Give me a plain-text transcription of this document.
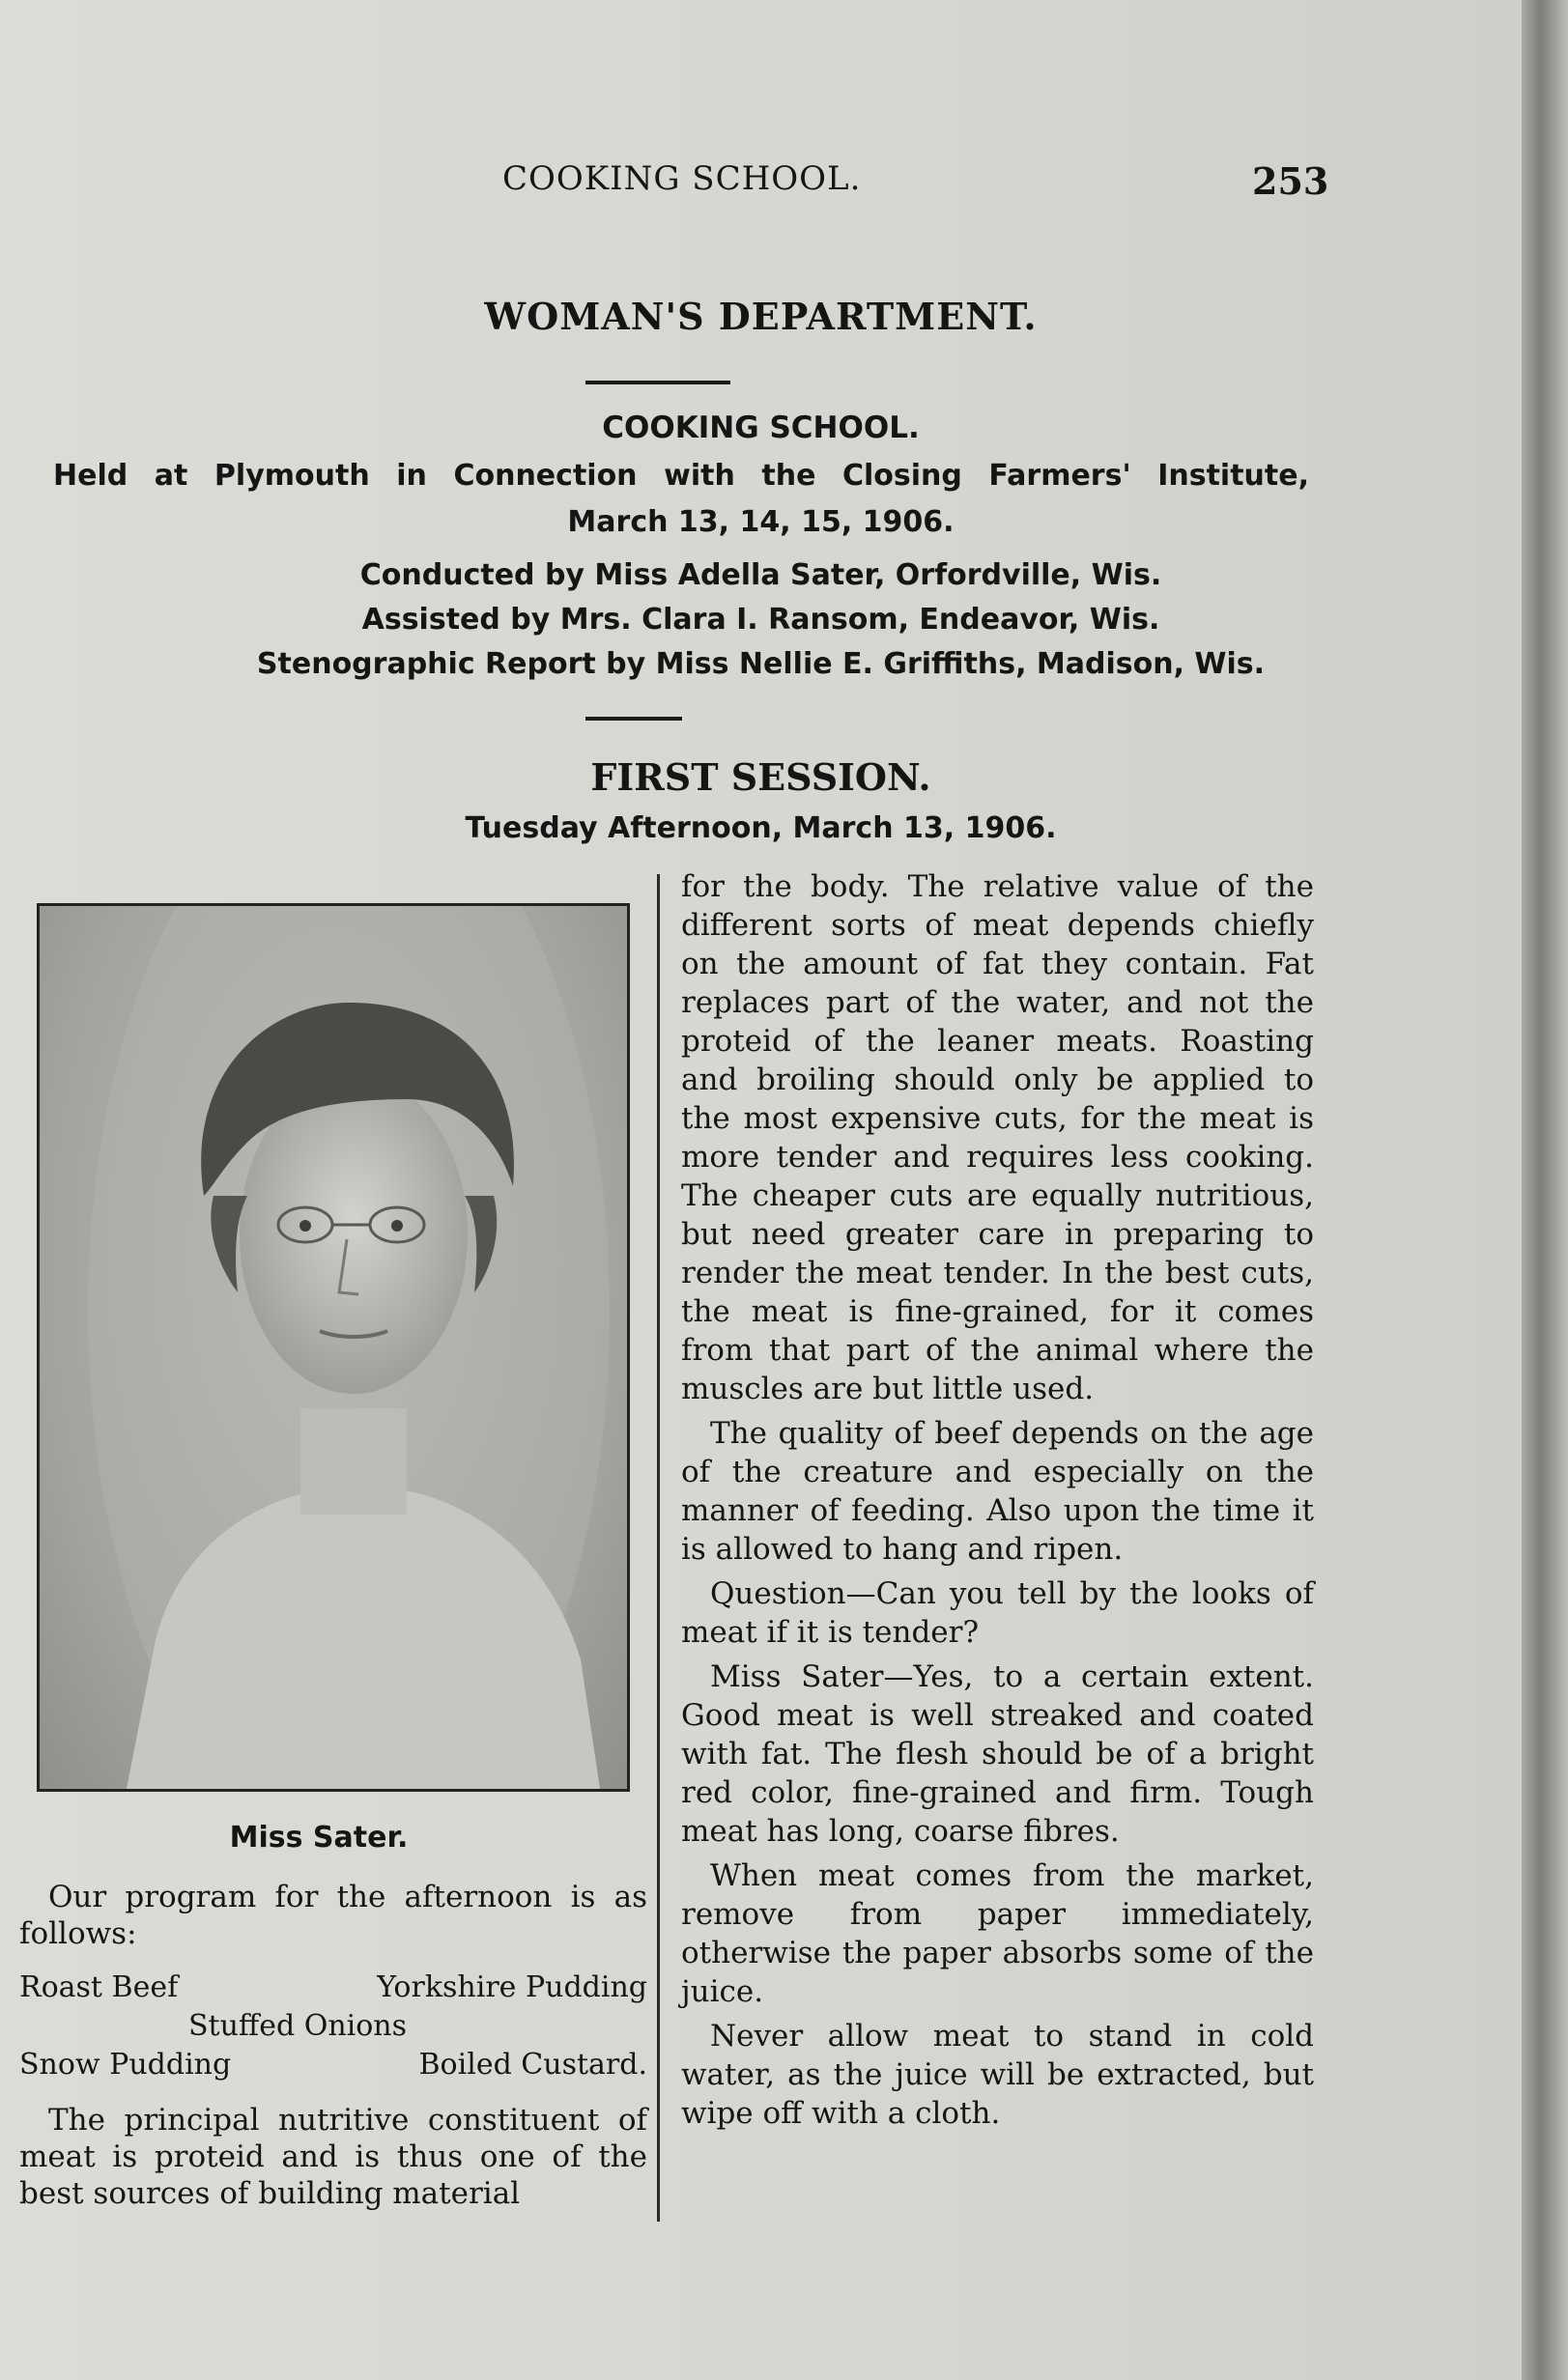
COOKING SCHOOL.	253
WOMAN'S DEPARTMENT.
COOKING SCHOOL.
Held at Plymouth in Connection with the Closing Farmers' Institute,
March 13, 14, 15, 1906.
Conducted by Miss Adella Sater, Orfordville, Wis.
Assisted by Mrs. Clara I. Ransom, Endeavor, Wis.
Stenographic Report by Miss Nellie E. Griffiths, Madison, Wis.
FIRST SESSION.
Tuesday Afternoon, March 13, 1906.
Miss Sater.
Our program for the afternoon is as follows:
Roast Beef	Yorkshire Pudding
Stuffed Onions
Snow Pudding	Boiled Custard.
The principal nutritive constituent of meat is proteid and is thus one of the best sources of building material

for the body. The relative value of the different sorts of meat depends chiefly on the amount of fat they contain. Fat replaces part of the water, and not the proteid of the leaner meats. Roasting and broiling should only be applied to the most expensive cuts, for the meat is more tender and requires less cooking. The cheaper cuts are equally nutritious, but need greater care in preparing to render the meat tender. In the best cuts, the meat is fine-grained, for it comes from that part of the animal where the muscles are but little used.

The quality of beef depends on the age of the creature and especially on the manner of feeding. Also upon the time it is allowed to hang and ripen.

Question—Can you tell by the looks of meat if it is tender?

Miss Sater—Yes, to a certain extent. Good meat is well streaked and coated with fat. The flesh should be of a bright red color, fine-grained and firm. Tough meat has long, coarse fibres.

When meat comes from the market, remove from paper immediately, otherwise the paper absorbs some of the juice.

Never allow meat to stand in cold water, as the juice will be extracted, but wipe off with a cloth.
